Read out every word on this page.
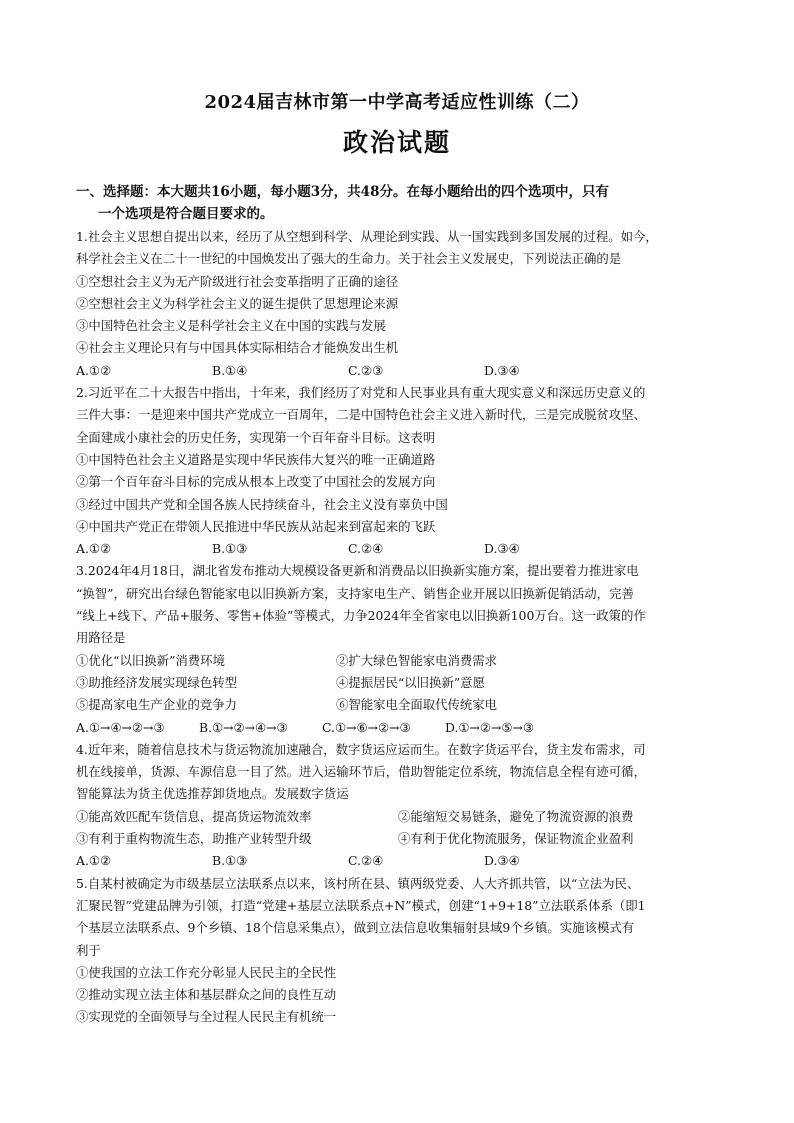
2024届吉林市第一中学高考适应性训练（二）
政治试题
一、选择题：本大题共16小题，每小题3分，共48分。在每小题给出的四个选项中，只有
一个选项是符合题目要求的。
1.社会主义思想自提出以来，经历了从空想到科学、从理论到实践、从一国实践到多国发展的过程。如今，
科学社会主义在二十一世纪的中国焕发出了强大的生命力。关于社会主义发展史，下列说法正确的是
①空想社会主义为无产阶级进行社会变革指明了正确的途径
②空想社会主义为科学社会主义的诞生提供了思想理论来源
③中国特色社会主义是科学社会主义在中国的实践与发展
④社会主义理论只有与中国具体实际相结合才能焕发出生机
A.①②	B.①④	C.②③	D.③④
2.习近平在二十大报告中指出，十年来，我们经历了对党和人民事业具有重大现实意义和深远历史意义的
三件大事：一是迎来中国共产党成立一百周年，二是中国特色社会主义进入新时代，三是完成脱贫攻坚、
全面建成小康社会的历史任务，实现第一个百年奋斗目标。这表明
①中国特色社会主义道路是实现中华民族伟大复兴的唯一正确道路
②第一个百年奋斗目标的完成从根本上改变了中国社会的发展方向
③经过中国共产党和全国各族人民持续奋斗，社会主义没有辜负中国
④中国共产党正在带领人民推进中华民族从站起来到富起来的飞跃
A.①②	B.①③	C.②④	D.③④
3.2024年4月18日，湖北省发布推动大规模设备更新和消费品以旧换新实施方案，提出要着力推进家电
“换智”，研究出台绿色智能家电以旧换新方案，支持家电生产、销售企业开展以旧换新促销活动，完善
“线上+线下、产品+服务、零售+体验”等模式，力争2024年全省家电以旧换新100万台。这一政策的作
用路径是
①优化“以旧换新”消费环境	②扩大绿色智能家电消费需求
③助推经济发展实现绿色转型	④提振居民“以旧换新”意愿
⑤提高家电生产企业的竞争力	⑥智能家电全面取代传统家电
A.①→④→②→③	B.①→②→④→③	C.①→⑥→②→③	D.①→②→⑤→③
4.近年来，随着信息技术与货运物流加速融合，数字货运应运而生。在数字货运平台，货主发布需求，司
机在线接单，货源、车源信息一目了然。进入运输环节后，借助智能定位系统，物流信息全程有迹可循，
智能算法为货主优选推荐卸货地点。发展数字货运
①能高效匹配车货信息，提高货运物流效率	②能缩短交易链条，避免了物流资源的浪费
③有利于重构物流生态，助推产业转型升级	④有利于优化物流服务，保证物流企业盈利
A.①②	B.①③	C.②④	D.③④
5.自某村被确定为市级基层立法联系点以来，该村所在县、镇两级党委、人大齐抓共管，以“立法为民、
汇聚民智”党建品牌为引领，打造“党建+基层立法联系点+N”模式，创建“1+9+18”立法联系体系（即1
个基层立法联系点、9个乡镇、18个信息采集点），做到立法信息收集辐射县域9个乡镇。实施该模式有
利于
①使我国的立法工作充分彰显人民民主的全民性
②推动实现立法主体和基层群众之间的良性互动
③实现党的全面领导与全过程人民民主有机统一
